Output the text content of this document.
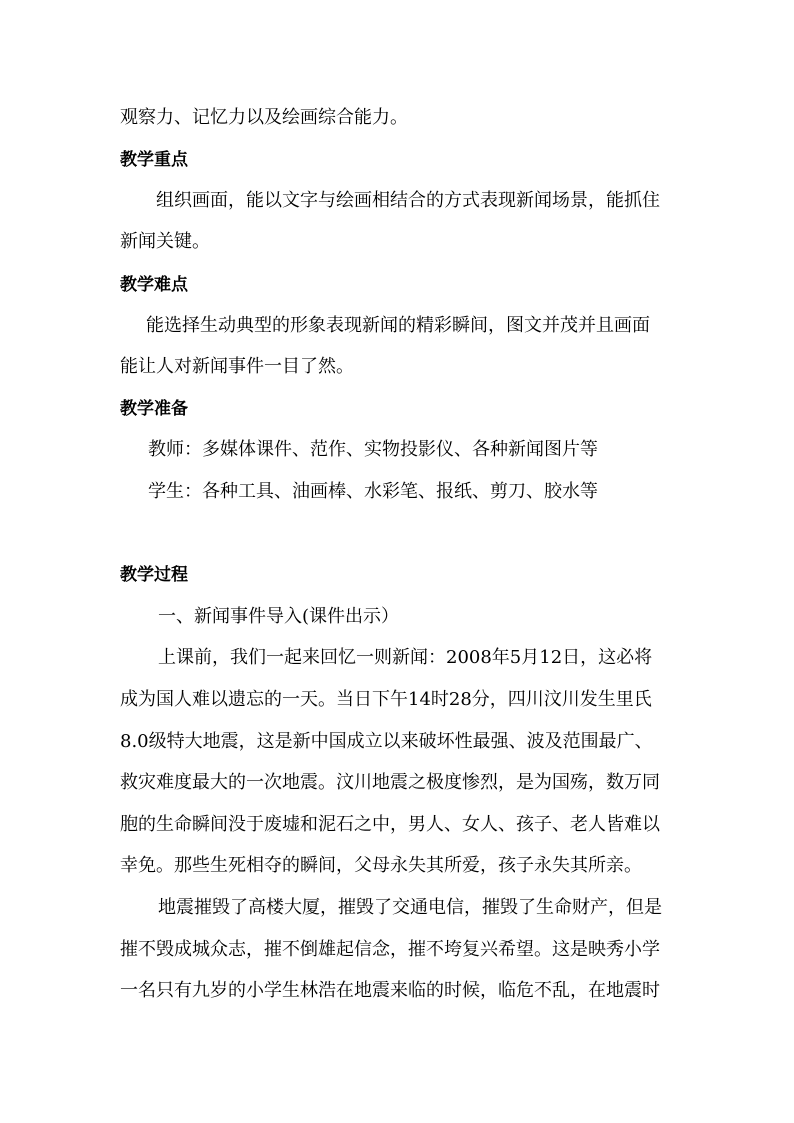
观察力、记忆力以及绘画综合能力。
教学重点
组织画面，能以文字与绘画相结合的方式表现新闻场景，能抓住
新闻关键。
教学难点
能选择生动典型的形象表现新闻的精彩瞬间，图文并茂并且画面
能让人对新闻事件一目了然。
教学准备
教师：多媒体课件、范作、实物投影仪、各种新闻图片等
学生：各种工具、油画棒、水彩笔、报纸、剪刀、胶水等
教学过程
一、新闻事件导入(课件出示）
上课前，我们一起来回忆一则新闻：2008年5月12日，这必将
成为国人难以遗忘的一天。当日下午14时28分，四川汶川发生里氏
8.0级特大地震，这是新中国成立以来破坏性最强、波及范围最广、
救灾难度最大的一次地震。汶川地震之极度惨烈，是为国殇，数万同
胞的生命瞬间没于废墟和泥石之中，男人、女人、孩子、老人皆难以
幸免。那些生死相夺的瞬间，父母永失其所爱，孩子永失其所亲。
地震摧毁了高楼大厦，摧毁了交通电信，摧毁了生命财产，但是
摧不毁成城众志，摧不倒雄起信念，摧不垮复兴希望。这是映秀小学
一名只有九岁的小学生林浩在地震来临的时候，临危不乱，在地震时
